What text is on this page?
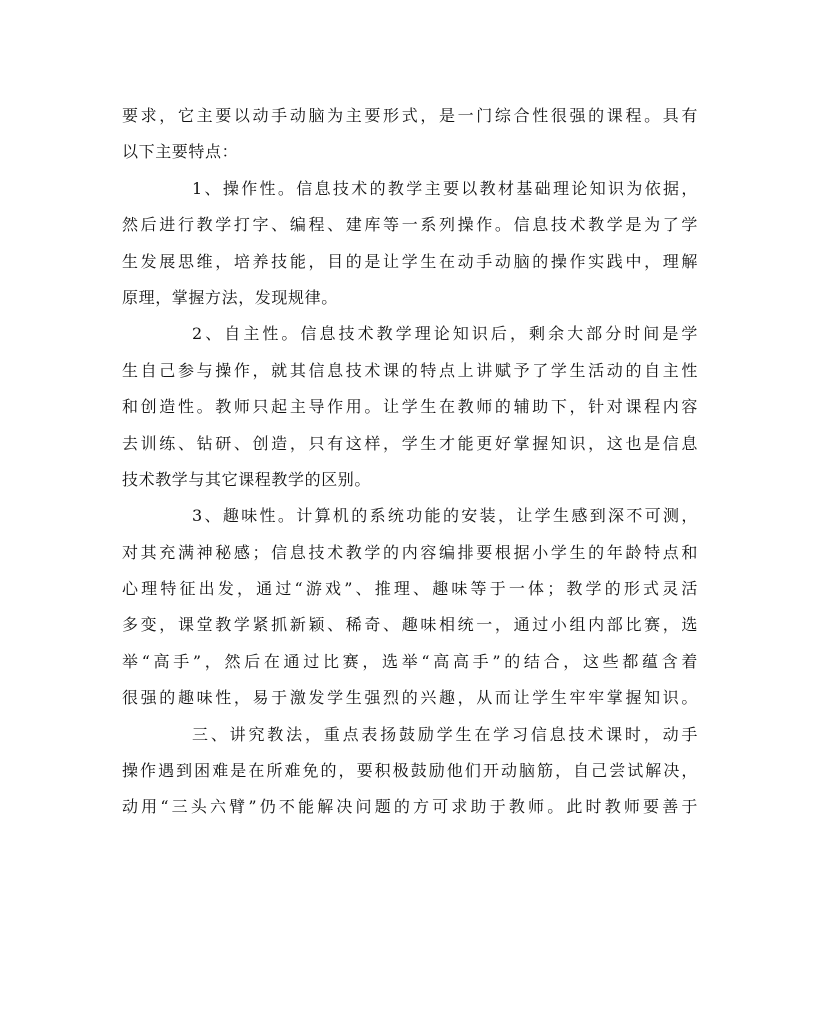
要求，它主要以动手动脑为主要形式，是一门综合性很强的课程。具有
以下主要特点：
1、操作性。信息技术的教学主要以教材基础理论知识为依据，
然后进行教学打字、编程、建库等一系列操作。信息技术教学是为了学
生发展思维，培养技能，目的是让学生在动手动脑的操作实践中，理解
原理，掌握方法，发现规律。
2、自主性。信息技术教学理论知识后，剩余大部分时间是学
生自己参与操作，就其信息技术课的特点上讲赋予了学生活动的自主性
和创造性。教师只起主导作用。让学生在教师的辅助下，针对课程内容
去训练、钻研、创造，只有这样，学生才能更好掌握知识，这也是信息
技术教学与其它课程教学的区别。
3、趣味性。计算机的系统功能的安装，让学生感到深不可测，
对其充满神秘感；信息技术教学的内容编排要根据小学生的年龄特点和
心理特征出发，通过“游戏”、推理、趣味等于一体；教学的形式灵活
多变，课堂教学紧抓新颖、稀奇、趣味相统一，通过小组内部比赛，选
举“高手”，然后在通过比赛，选举“高高手”的结合，这些都蕴含着
很强的趣味性，易于激发学生强烈的兴趣，从而让学生牢牢掌握知识。
三、讲究教法，重点表扬鼓励学生在学习信息技术课时，动手
操作遇到困难是在所难免的，要积极鼓励他们开动脑筋，自己尝试解决，
动用“三头六臂”仍不能解决问题的方可求助于教师。此时教师要善于
